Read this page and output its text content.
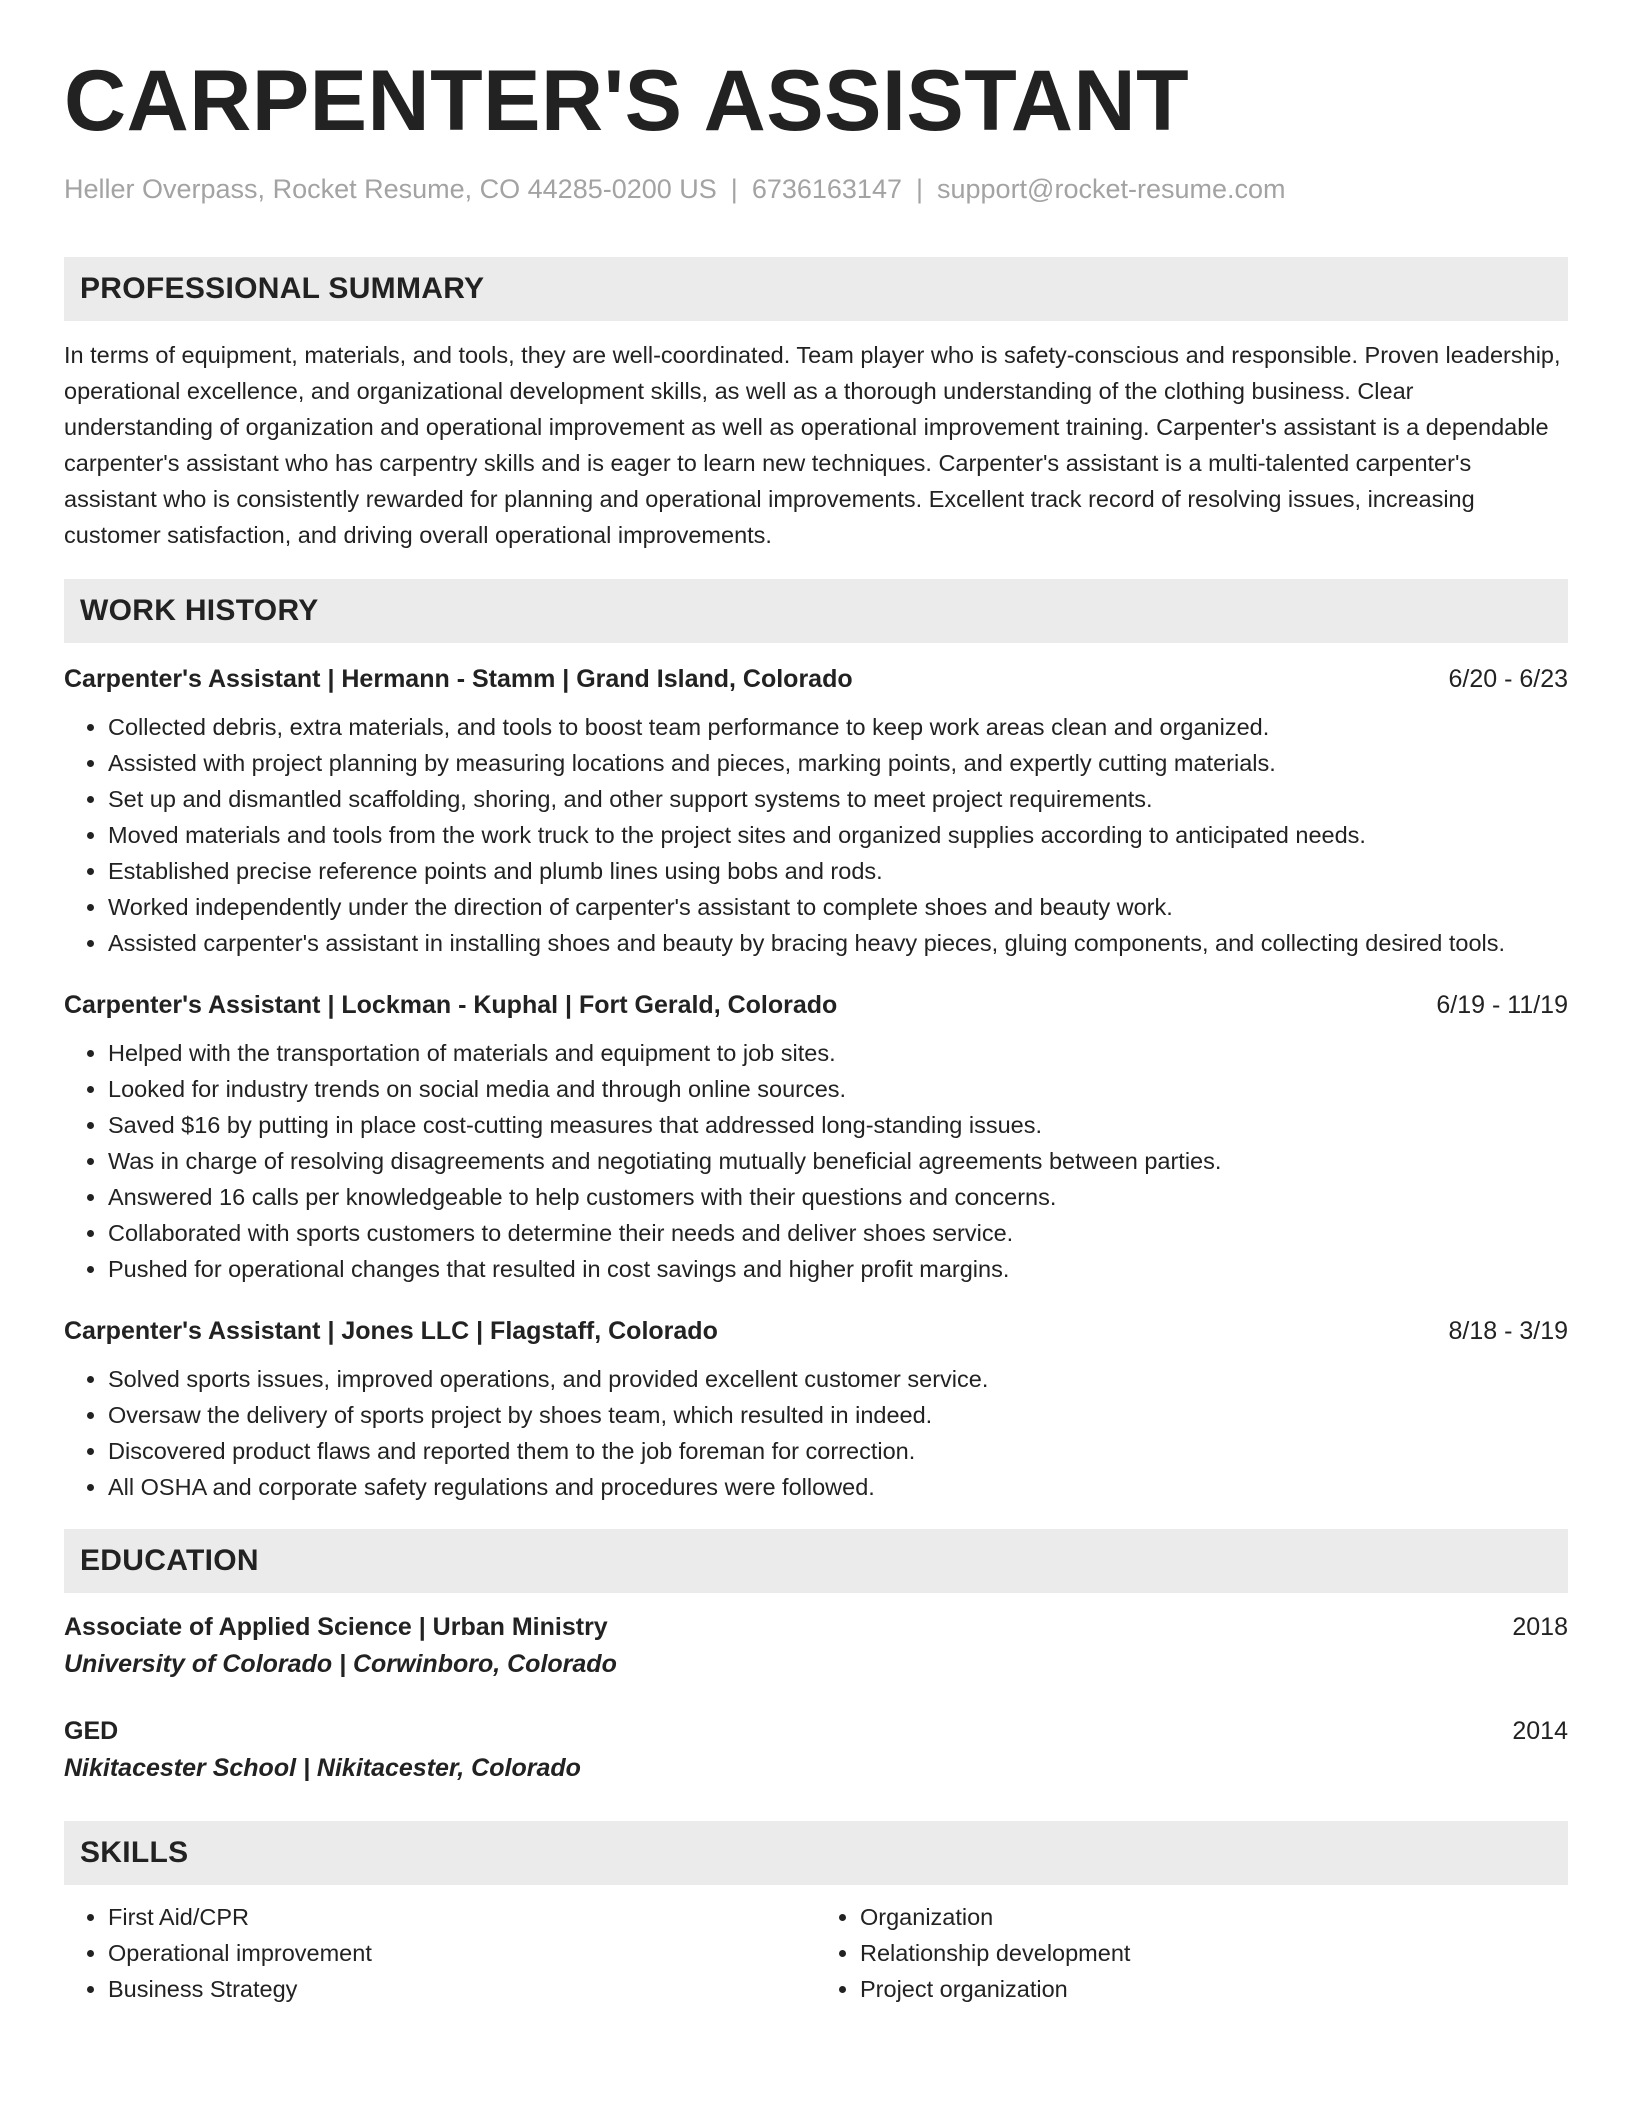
CARPENTER'S ASSISTANT
Heller Overpass, Rocket Resume, CO 44285-0200 US | 6736163147 | support@rocket-resume.com
PROFESSIONAL SUMMARY

In terms of equipment, materials, and tools, they are well-coordinated. Team player who is safety-conscious and responsible. Proven leadership, operational excellence, and organizational development skills, as well as a thorough understanding of the clothing business. Clear understanding of organization and operational improvement as well as operational improvement training. Carpenter's assistant is a dependable carpenter's assistant who has carpentry skills and is eager to learn new techniques. Carpenter's assistant is a multi-talented carpenter's assistant who is consistently rewarded for planning and operational improvements. Excellent track record of resolving issues, increasing customer satisfaction, and driving overall operational improvements.

WORK HISTORY
Carpenter's Assistant | Hermann - Stamm | Grand Island, Colorado	6/20 - 6/23
• Collected debris, extra materials, and tools to boost team performance to keep work areas clean and organized.
• Assisted with project planning by measuring locations and pieces, marking points, and expertly cutting materials.
• Set up and dismantled scaffolding, shoring, and other support systems to meet project requirements.
• Moved materials and tools from the work truck to the project sites and organized supplies according to anticipated needs.
• Established precise reference points and plumb lines using bobs and rods.
• Worked independently under the direction of carpenter's assistant to complete shoes and beauty work.
• Assisted carpenter's assistant in installing shoes and beauty by bracing heavy pieces, gluing components, and collecting desired tools.
Carpenter's Assistant | Lockman - Kuphal | Fort Gerald, Colorado	6/19 - 11/19
• Helped with the transportation of materials and equipment to job sites.
• Looked for industry trends on social media and through online sources.
• Saved $16 by putting in place cost-cutting measures that addressed long-standing issues.
• Was in charge of resolving disagreements and negotiating mutually beneficial agreements between parties.
• Answered 16 calls per knowledgeable to help customers with their questions and concerns.
• Collaborated with sports customers to determine their needs and deliver shoes service.
• Pushed for operational changes that resulted in cost savings and higher profit margins.
Carpenter's Assistant | Jones LLC | Flagstaff, Colorado	8/18 - 3/19
• Solved sports issues, improved operations, and provided excellent customer service.
• Oversaw the delivery of sports project by shoes team, which resulted in indeed.
• Discovered product flaws and reported them to the job foreman for correction.
• All OSHA and corporate safety regulations and procedures were followed.
EDUCATION
Associate of Applied Science | Urban Ministry	2018
University of Colorado | Corwinboro, Colorado
GED	2014
Nikitacester School | Nikitacester, Colorado
SKILLS
• First Aid/CPR
• Operational improvement
• Business Strategy
• Organization
• Relationship development
• Project organization
